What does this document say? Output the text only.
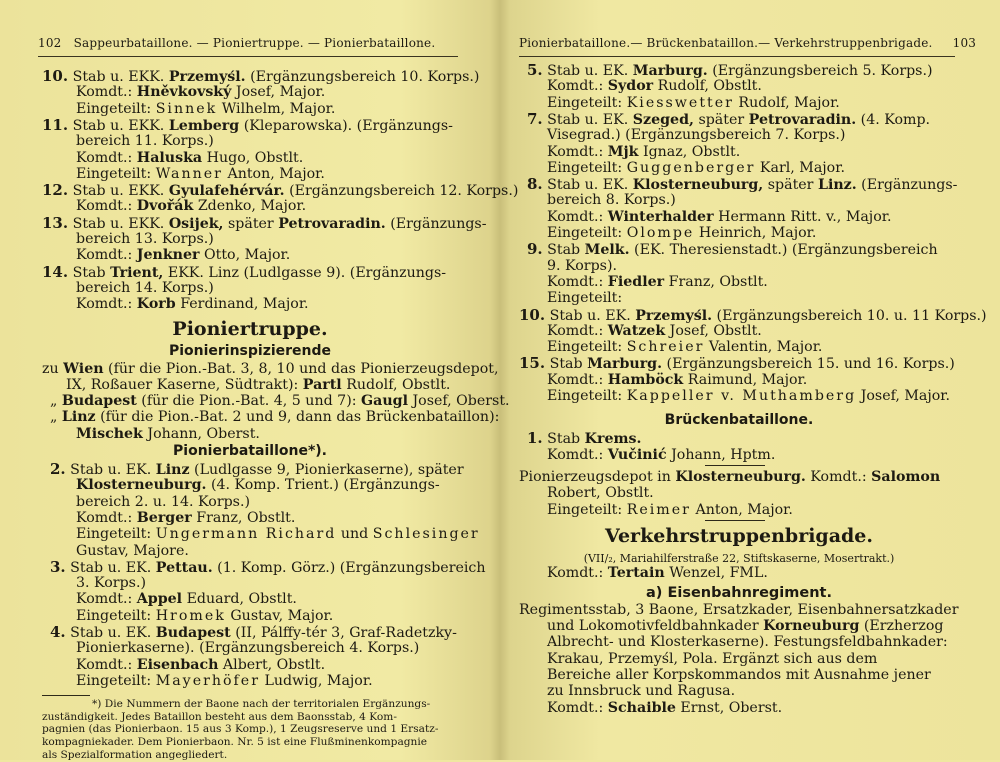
102 Sappeurbataillone. — Pioniertruppe. — Pionierbataillone.
10. Stab u. EKK. Przemyśl. (Ergänzungsbereich 10. Korps.)
Komdt.: Hněvkovský Josef, Major.
Eingeteilt: Sinnek Wilhelm, Major.
11. Stab u. EKK. Lemberg (Kleparowska). (Ergänzungs-
bereich 11. Korps.)
Komdt.: Haluska Hugo, Obstlt.
Eingeteilt: Wanner Anton, Major.
12. Stab u. EKK. Gyulafehérvár. (Ergänzungsbereich 12. Korps.)
Komdt.: Dvořák Zdenko, Major.
13. Stab u. EKK. Osijek, später Petrovaradin. (Ergänzungs-
bereich 13. Korps.)
Komdt.: Jenkner Otto, Major.
14. Stab Trient, EKK. Linz (Ludlgasse 9). (Ergänzungs-
bereich 14. Korps.)
Komdt.: Korb Ferdinand, Major.
Pioniertruppe.
Pionierinspizierende
zu Wien (für die Pion.-Bat. 3, 8, 10 und das Pionierzeugsdepot,
IX, Roßauer Kaserne, Südtrakt): Partl Rudolf, Obstlt.
„ Budapest (für die Pion.-Bat. 4, 5 und 7): Gaugl Josef, Oberst.
„ Linz (für die Pion.-Bat. 2 und 9, dann das Brückenbataillon):
Mischek Johann, Oberst.
Pionierbataillone*).
2. Stab u. EK. Linz (Ludlgasse 9, Pionierkaserne), später
Klosterneuburg. (4. Komp. Trient.) (Ergänzungs-
bereich 2. u. 14. Korps.)
Komdt.: Berger Franz, Obstlt.
Eingeteilt: Ungermann Richard und Schlesinger
Gustav, Majore.
3. Stab u. EK. Pettau. (1. Komp. Görz.) (Ergänzungsbereich
3. Korps.)
Komdt.: Appel Eduard, Obstlt.
Eingeteilt: Hromek Gustav, Major.
4. Stab u. EK. Budapest (II, Pálffy-tér 3, Graf-Radetzky-
Pionierkaserne). (Ergänzungsbereich 4. Korps.)
Komdt.: Eisenbach Albert, Obstlt.
Eingeteilt: Mayerhöfer Ludwig, Major.
*) Die Nummern der Baone nach der territorialen Ergänzungs-
zuständigkeit. Jedes Bataillon besteht aus dem Baonsstab, 4 Kom-
pagnien (das Pionierbaon. 15 aus 3 Komp.), 1 Zeugsreserve und 1 Ersatz-
kompagniekader. Dem Pionierbaon. Nr. 5 ist eine Flußminenkompagnie
als Spezialformation angegliedert.
Pionierbataillone.— Brückenbataillon.— Verkehrstruppenbrigade. 103
5. Stab u. EK. Marburg. (Ergänzungsbereich 5. Korps.)
Komdt.: Sydor Rudolf, Obstlt.
Eingeteilt: Kiesswetter Rudolf, Major.
7. Stab u. EK. Szeged, später Petrovaradin. (4. Komp.
Visegrad.) (Ergänzungsbereich 7. Korps.)
Komdt.: Mjk Ignaz, Obstlt.
Eingeteilt: Guggenberger Karl, Major.
8. Stab u. EK. Klosterneuburg, später Linz. (Ergänzungs-
bereich 8. Korps.)
Komdt.: Winterhalder Hermann Ritt. v., Major.
Eingeteilt: Olompe Heinrich, Major.
9. Stab Melk. (EK. Theresienstadt.) (Ergänzungsbereich
9. Korps).
Komdt.: Fiedler Franz, Obstlt.
Eingeteilt:
10. Stab u. EK. Przemyśl. (Ergänzungsbereich 10. u. 11 Korps.)
Komdt.: Watzek Josef, Obstlt.
Eingeteilt: Schreier Valentin, Major.
15. Stab Marburg. (Ergänzungsbereich 15. und 16. Korps.)
Komdt.: Hamböck Raimund, Major.
Eingeteilt: Kappeller v. Muthamberg Josef, Major.
Brückenbataillone.
1. Stab Krems.
Komdt.: Vučinić Johann, Hptm.
Pionierzeugsdepot in Klosterneuburg. Komdt.: Salomon
Robert, Obstlt.
Eingeteilt: Reimer Anton, Major.
Verkehrstruppenbrigade.
(VII/₂, Mariahilferstraße 22, Stiftskaserne, Mosertrakt.)
Komdt.: Tertain Wenzel, FML.
a) Eisenbahnregiment.
Regimentsstab, 3 Baone, Ersatzkader, Eisenbahnersatzkader
und Lokomotivfeldbahnkader Korneuburg (Erzherzog
Albrecht- und Klosterkaserne). Festungsfeldbahnkader:
Krakau, Przemyśl, Pola. Ergänzt sich aus dem
Bereiche aller Korpskommandos mit Ausnahme jener
zu Innsbruck und Ragusa.
Komdt.: Schaible Ernst, Oberst.
